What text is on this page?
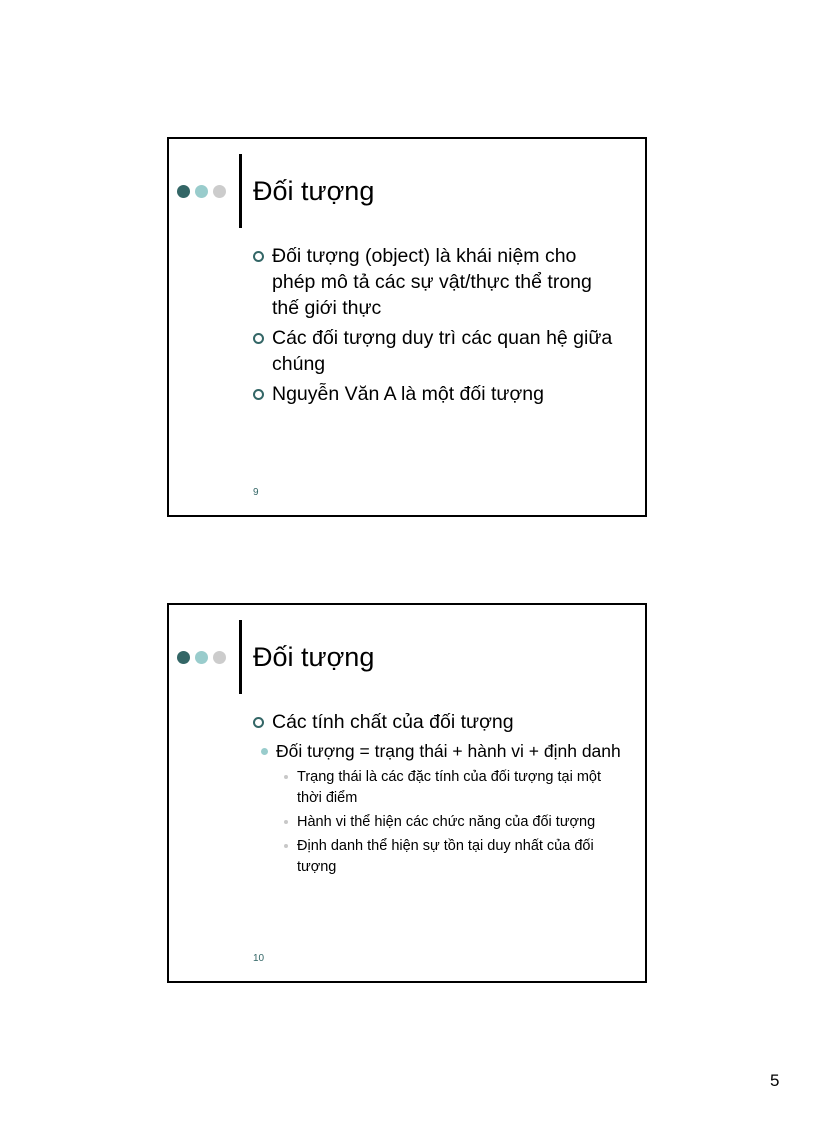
Đối tượng
Đối tượng (object) là khái niệm cho phép mô tả các sự vật/thực thể trong thế giới thực
Các đối tượng duy trì các quan hệ giữa chúng
Nguyễn Văn A là một đối tượng
9
Đối tượng
Các tính chất của đối tượng
Đối tượng = trạng thái + hành vi + định danh
Trạng thái là các đặc tính của đối tượng tại một thời điểm
Hành vi thể hiện các chức năng của đối tượng
Định danh thể hiện sự tồn tại duy nhất của đối tượng
10
5
